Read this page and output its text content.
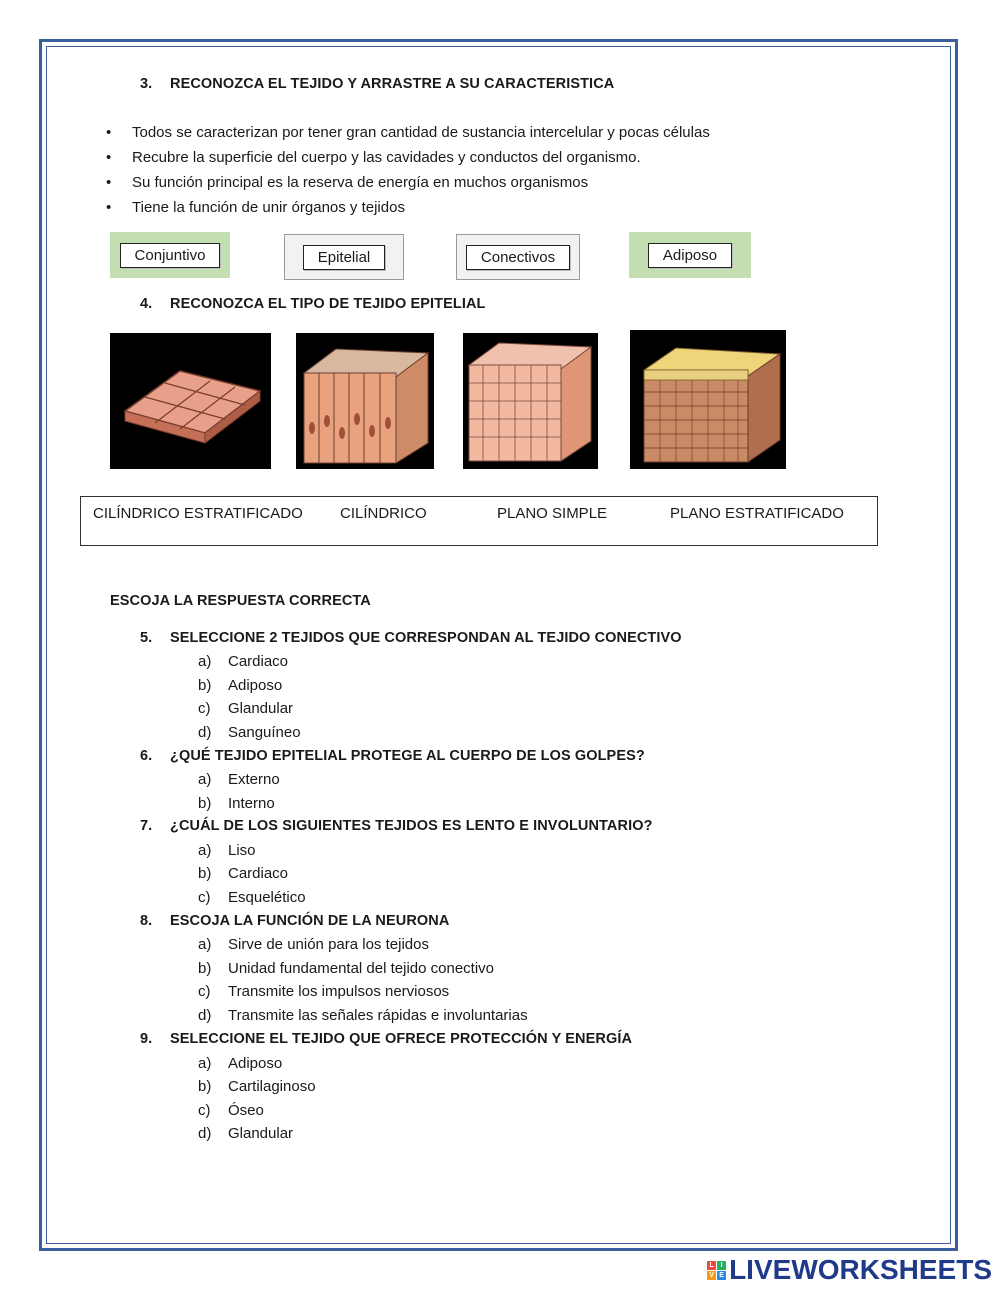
3. RECONOZCA EL TEJIDO Y ARRASTRE A SU CARACTERISTICA
• Todos se caracterizan por tener gran cantidad de sustancia intercelular y pocas células
• Recubre la superficie del cuerpo y las cavidades y conductos del organismo.
• Su función principal es la reserva de energía en muchos organismos
• Tiene la función de unir órganos y tejidos
Conjuntivo	Epitelial	Conectivos	Adiposo
4. RECONOZCA EL TIPO DE TEJIDO EPITELIAL
CILÍNDRICO ESTRATIFICADO CILÍNDRICO	PLANO SIMPLE	PLANO ESTRATIFICADO
ESCOJA LA RESPUESTA CORRECTA
5. SELECCIONE 2 TEJIDOS QUE CORRESPONDAN AL TEJIDO CONECTIVO
a) Cardiaco
b) Adiposo
c) Glandular
d) Sanguíneo
6. ¿QUÉ TEJIDO EPITELIAL PROTEGE AL CUERPO DE LOS GOLPES?
a) Externo
b) Interno
7. ¿CUÁL DE LOS SIGUIENTES TEJIDOS ES LENTO E INVOLUNTARIO?
a) Liso
b) Cardiaco
c) Esquelético
8. ESCOJA LA FUNCIÓN DE LA NEURONA
a) Sirve de unión para los tejidos
b) Unidad fundamental del tejido conectivo
c) Transmite los impulsos nerviosos
d) Transmite las señales rápidas e involuntarias
9. SELECCIONE EL TEJIDO QUE OFRECE PROTECCIÓN Y ENERGÍA
a) Adiposo
b) Cartilaginoso
c) Óseo
d) Glandular
L I
V E LIVEWORKSHEETS
